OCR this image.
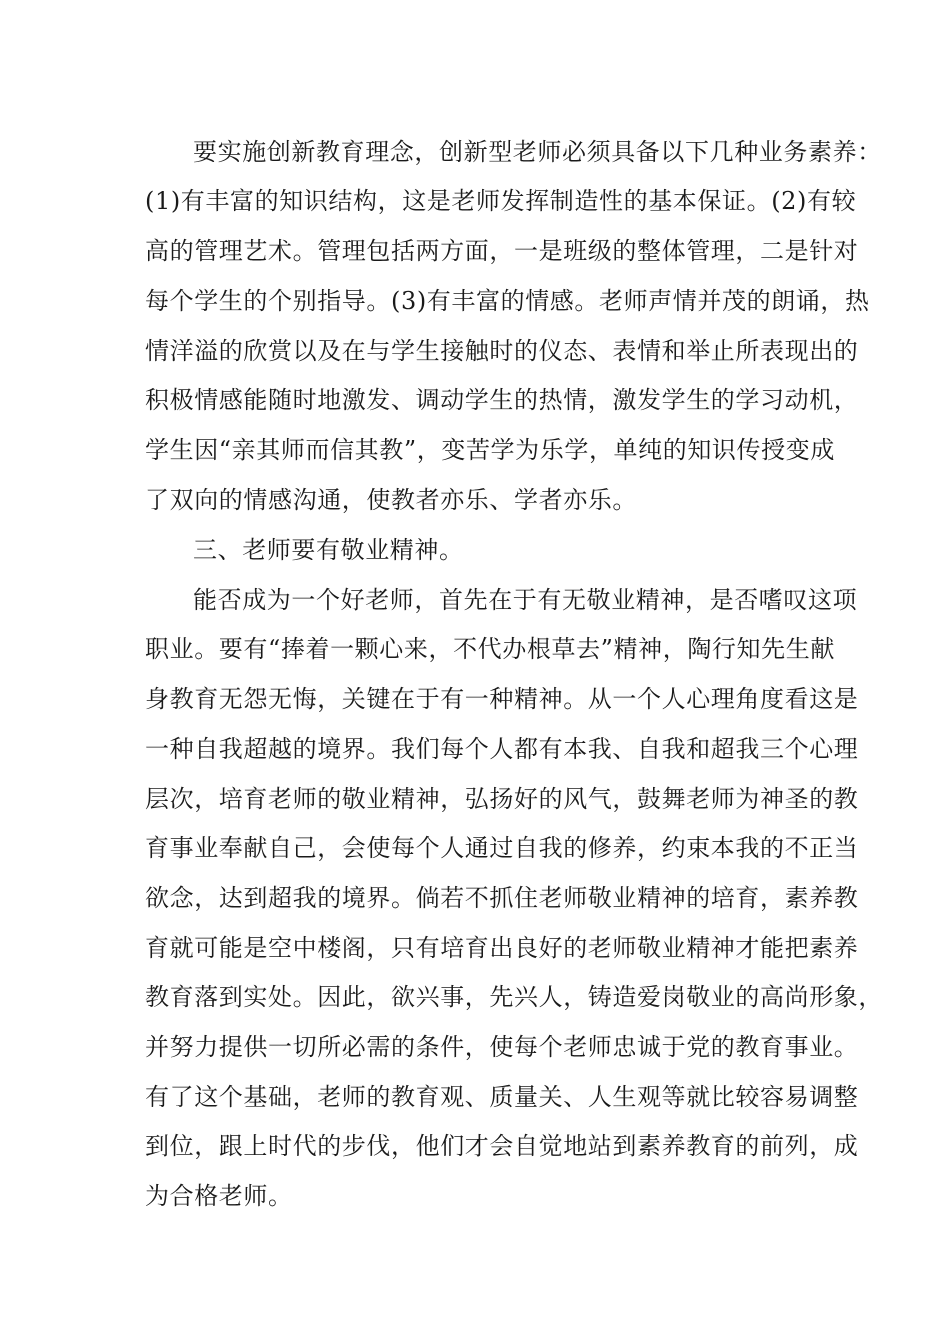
要实施创新教育理念，创新型老师必须具备以下几种业务素养：

(1)有丰富的知识结构，这是老师发挥制造性的基本保证。(2)有较

高的管理艺术。管理包括两方面，一是班级的整体管理，二是针对

每个学生的个别指导。(3)有丰富的情感。老师声情并茂的朗诵，热

情洋溢的欣赏以及在与学生接触时的仪态、表情和举止所表现出的

积极情感能随时地激发、调动学生的热情，激发学生的学习动机，

学生因“亲其师而信其教”，变苦学为乐学，单纯的知识传授变成

了双向的情感沟通，使教者亦乐、学者亦乐。

三、老师要有敬业精神。

能否成为一个好老师，首先在于有无敬业精神，是否嗜叹这项

职业。要有“捧着一颗心来，不代办根草去”精神，陶行知先生献

身教育无怨无悔，关键在于有一种精神。从一个人心理角度看这是

一种自我超越的境界。我们每个人都有本我、自我和超我三个心理

层次，培育老师的敬业精神，弘扬好的风气，鼓舞老师为神圣的教

育事业奉献自己，会使每个人通过自我的修养，约束本我的不正当

欲念，达到超我的境界。倘若不抓住老师敬业精神的培育，素养教

育就可能是空中楼阁，只有培育出良好的老师敬业精神才能把素养

教育落到实处。因此，欲兴事，先兴人，铸造爱岗敬业的高尚形象，

并努力提供一切所必需的条件，使每个老师忠诚于党的教育事业。

有了这个基础，老师的教育观、质量关、人生观等就比较容易调整

到位，跟上时代的步伐，他们才会自觉地站到素养教育的前列，成

为合格老师。
